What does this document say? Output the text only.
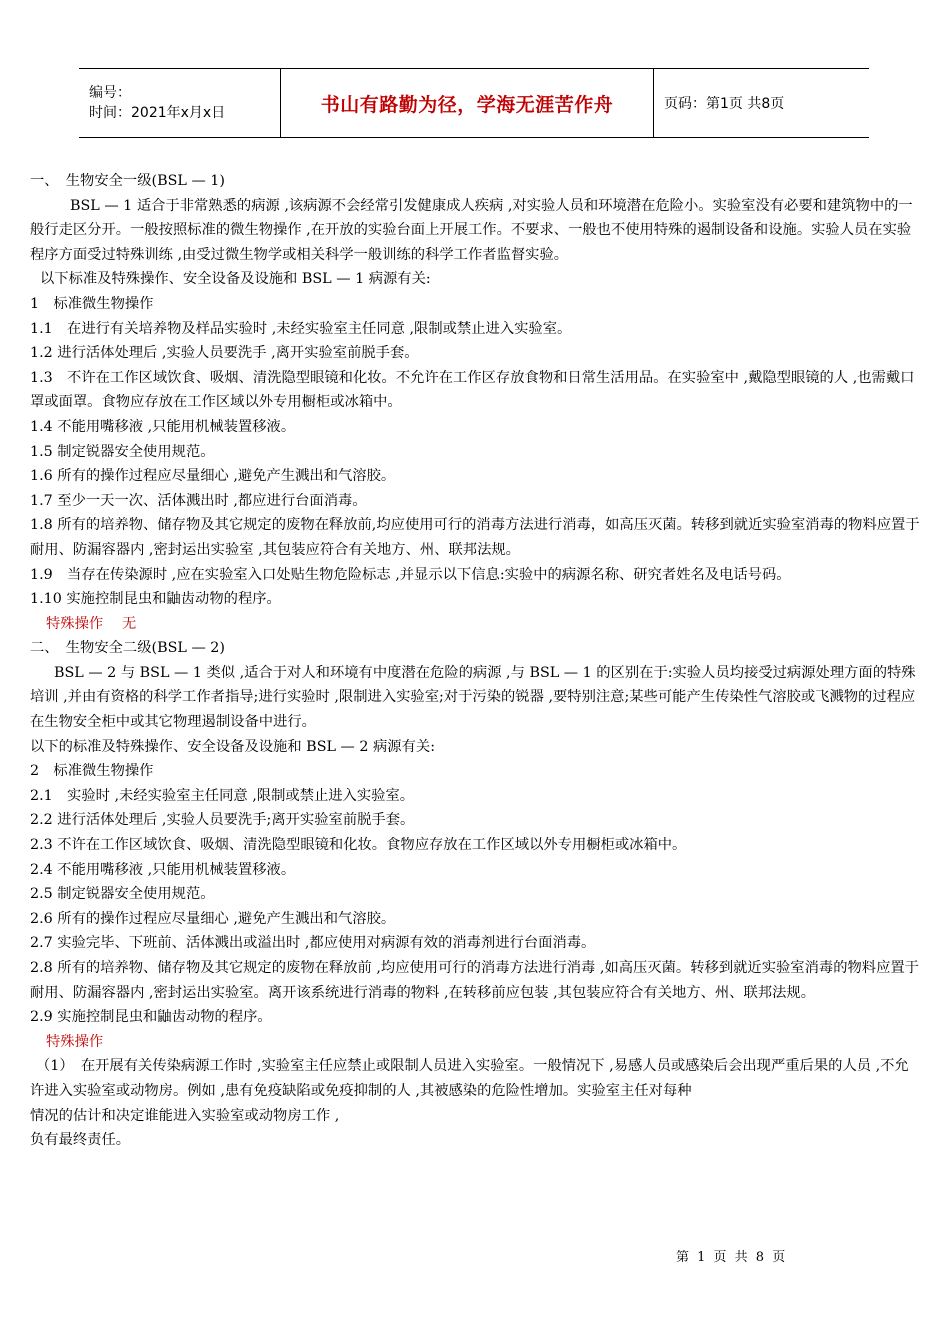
编号：
时间：2021年x月x日	书山有路勤为径，学海无涯苦作舟	页码：第1页 共8页

一、　生物安全一级(BSL — 1)

BSL — 1 适合于非常熟悉的病源 ,该病源不会经常引发健康成人疾病 ,对实验人员和环境潜在危险小。实验室没有必要和建筑物中的一般行走区分开。一般按照标准的微生物操作 ,在开放的实验台面上开展工作。不要求、一般也不使用特殊的遏制设备和设施。实验人员在实验程序方面受过特殊训练 ,由受过微生物学或相关科学一般训练的科学工作者监督实验。

以下标准及特殊操作、安全设备及设施和 BSL — 1 病源有关:

1　标准微生物操作

1.1　在进行有关培养物及样品实验时 ,未经实验室主任同意 ,限制或禁止进入实验室。

1.2 进行活体处理后 ,实验人员要洗手 ,离开实验室前脱手套。

1.3　不许在工作区域饮食、吸烟、清洗隐型眼镜和化妆。不允许在工作区存放食物和日常生活用品。在实验室中 ,戴隐型眼镜的人 ,也需戴口罩或面罩。食物应存放在工作区域以外专用橱柜或冰箱中。

1.4 不能用嘴移液 ,只能用机械装置移液。

1.5 制定锐器安全使用规范。

1.6 所有的操作过程应尽量细心 ,避免产生溅出和气溶胶。

1.7 至少一天一次、活体溅出时 ,都应进行台面消毒。

1.8 所有的培养物、储存物及其它规定的废物在释放前,均应使用可行的消毒方法进行消毒，如高压灭菌。转移到就近实验室消毒的物料应置于耐用、防漏容器内 ,密封运出实验室 ,其包装应符合有关地方、州、联邦法规。

1.9　当存在传染源时 ,应在实验室入口处贴生物危险标志 ,并显示以下信息:实验中的病源名称、研究者姓名及电话号码。

1.10 实施控制昆虫和鼬齿动物的程序。

特殊操作　 无

二、　生物安全二级(BSL — 2)

BSL — 2 与 BSL — 1 类似 ,适合于对人和环境有中度潜在危险的病源 ,与 BSL — 1 的区别在于:实验人员均接受过病源处理方面的特殊培训 ,并由有资格的科学工作者指导;进行实验时 ,限制进入实验室;对于污染的锐器 ,要特别注意;某些可能产生传染性气溶胶或飞溅物的过程应在生物安全柜中或其它物理遏制设备中进行。

以下的标准及特殊操作、安全设备及设施和 BSL — 2 病源有关:

2　标准微生物操作

2.1　实验时 ,未经实验室主任同意 ,限制或禁止进入实验室。

2.2 进行活体处理后 ,实验人员要洗手;离开实验室前脱手套。

2.3 不许在工作区域饮食、吸烟、清洗隐型眼镜和化妆。食物应存放在工作区域以外专用橱柜或冰箱中。

2.4 不能用嘴移液 ,只能用机械装置移液。

2.5 制定锐器安全使用规范。

2.6 所有的操作过程应尽量细心 ,避免产生溅出和气溶胶。

2.7 实验完毕、下班前、活体溅出或溢出时 ,都应使用对病源有效的消毒剂进行台面消毒。

2.8 所有的培养物、储存物及其它规定的废物在释放前 ,均应使用可行的消毒方法进行消毒 ,如高压灭菌。转移到就近实验室消毒的物料应置于耐用、防漏容器内 ,密封运出实验室。离开该系统进行消毒的物料 ,在转移前应包装 ,其包装应符合有关地方、州、联邦法规。

2.9 实施控制昆虫和鼬齿动物的程序。

特殊操作

（1）　在开展有关传染病源工作时 ,实验室主任应禁止或限制人员进入实验室。一般情况下 ,易感人员或感染后会出现严重后果的人员 ,不允许进入实验室或动物房。例如 ,患有免疫缺陷或免疫抑制的人 ,其被感染的危险性增加。实验室主任对每种

情况的估计和决定谁能进入实验室或动物房工作 ,

负有最终责任。

第 1 页 共 8 页
